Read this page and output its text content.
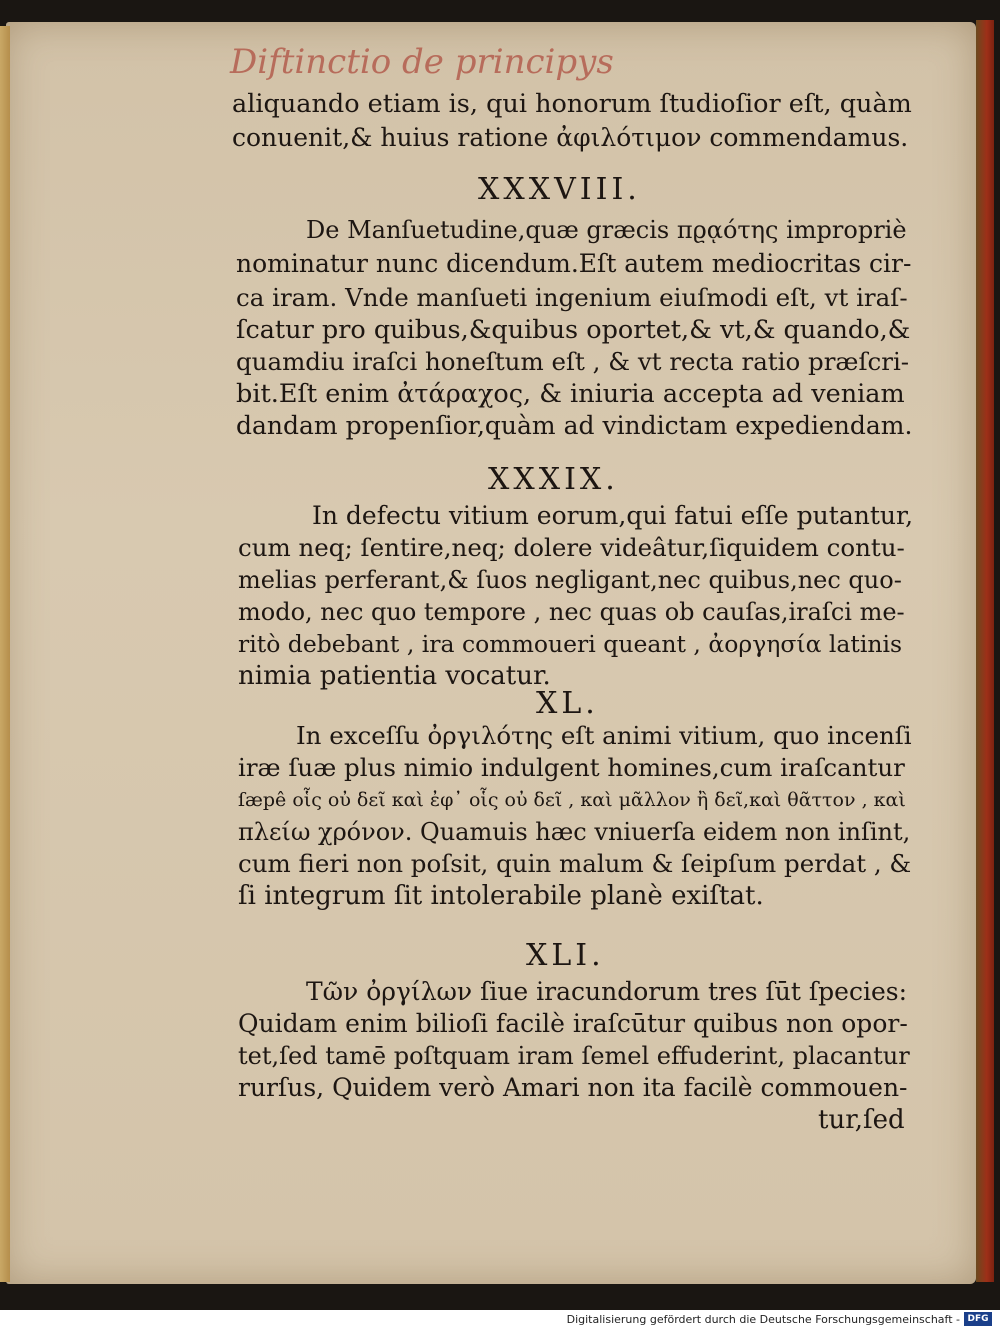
Diftinctio de principys

aliquando etiam is, qui honorum ſtudioſior eſt, quàm

conuenit,& huius ratione ἀφιλότιμον commendamus.

XXXVIII.

De Manſuetudine,quæ græcis πϱᾳότης impropriè

nominatur nunc dicendum.Eſt autem mediocritas cir-

ca iram. Vnde manſueti ingenium eiuſmodi eſt, vt iraſ-

ſcatur pro quibus,&quibus oportet,& vt,& quando,&

quamdiu iraſci honeſtum eſt , & vt recta ratio præſcri-

bit.Eſt enim ἀτάραχος, & iniuria accepta ad veniam

dandam propenſior,quàm ad vindictam expediendam.

XXXIX.

In defectu vitium eorum,qui fatui eſſe putantur,

cum neq; ſentire,neq; dolere videâtur,ſiquidem contu-

melias perferant,& ſuos negligant,nec quibus,nec quo-

modo, nec quo tempore , nec quas ob cauſas,iraſci me-

ritò debebant , ira commoueri queant , ἀοργησία latinis

nimia patientia vocatur.

XL.

In exceſſu ὀργιλότης eſt animi vitium, quo incenſi

iræ ſuæ plus nimio indulgent homines,cum iraſcantur

ſæpê οἷς οὐ δεῖ καὶ ἐφ᾽ οἷς οὐ δεῖ , καὶ μᾶλλον ἢ δεῖ,καὶ θᾶττον , καὶ

πλείω χρόνον. Quamuis hæc vniuerſa eidem non inſint,

cum fieri non poſsit, quin malum & ſeipſum perdat , &

ſi integrum ſit intolerabile planè exiſtat.

XLI.

Τῶν ὀργίλων ſiue iracundorum tres ſūt ſpecies:

Quidam enim bilioſi facilè iraſcūtur quibus non opor-

tet,ſed tamē poſtquam iram ſemel effuderint, placantur

rurſus, Quidem verò Amari non ita facilè commouen-

tur,ſed

Digitalisierung gefördert durch die Deutsche Forschungsgemeinschaft - DFG
